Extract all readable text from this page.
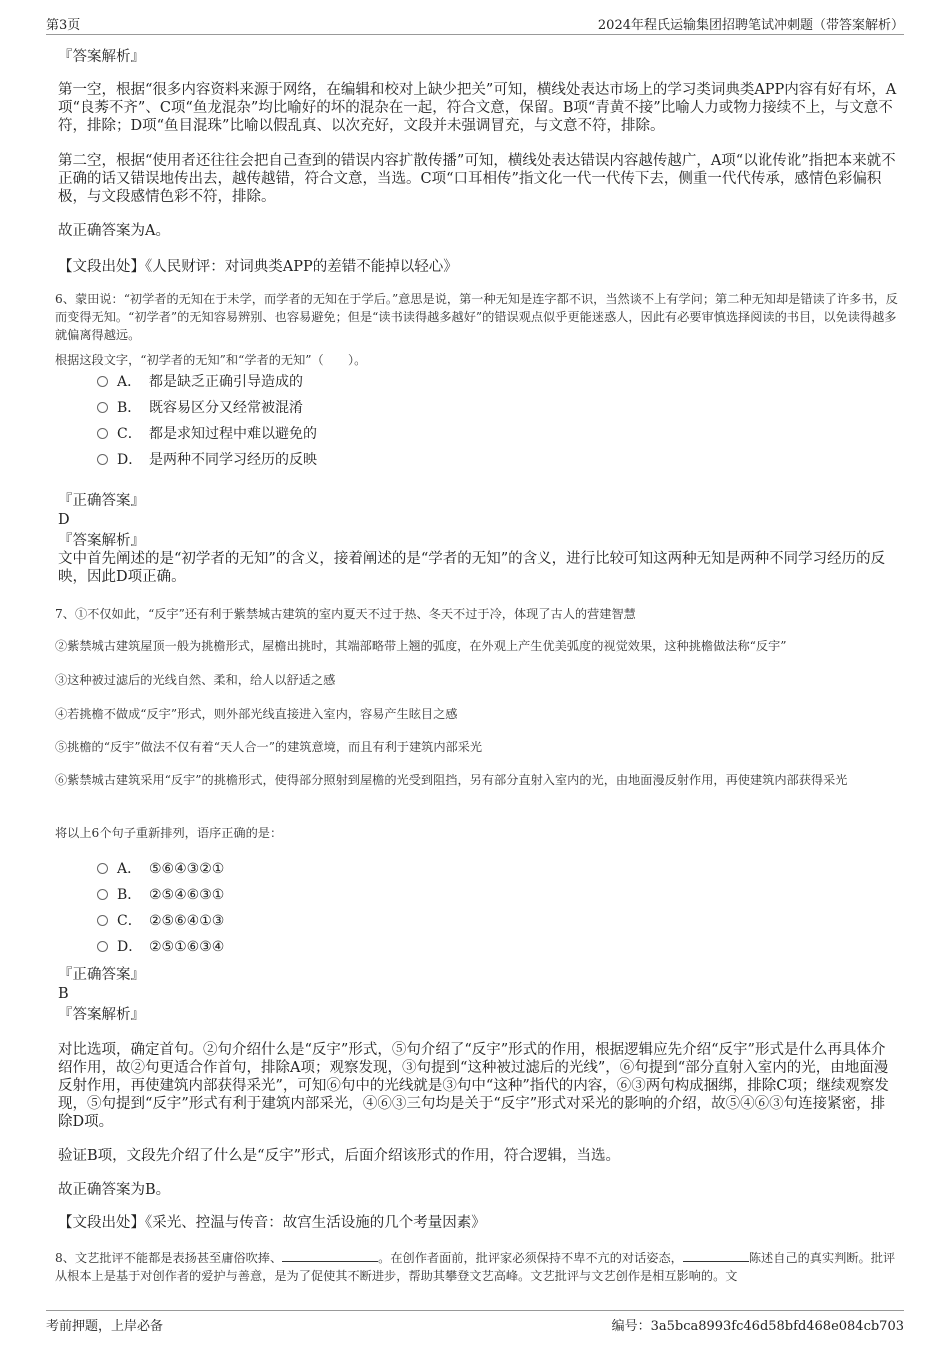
第3页	2024年程氏运输集团招聘笔试冲刺题（带答案解析）

『答案解析』

第一空，根据“很多内容资料来源于网络，在编辑和校对上缺少把关”可知，横线处表达市场上的学习类词典类APP内容有好有坏，A项“良莠不齐”、C项“鱼龙混杂”均比喻好的坏的混杂在一起，符合文意，保留。B项“青黄不接”比喻人力或物力接续不上，与文意不符，排除；D项“鱼目混珠”比喻以假乱真、以次充好，文段并未强调冒充，与文意不符，排除。

第二空，根据“使用者还往往会把自己查到的错误内容扩散传播”可知，横线处表达错误内容越传越广，A项“以讹传讹”指把本来就不正确的话又错误地传出去，越传越错，符合文意，当选。C项“口耳相传”指文化一代一代传下去，侧重一代代传承，感情色彩偏积极，与文段感情色彩不符，排除。

故正确答案为A。

【文段出处】《人民财评：对词典类APP的差错不能掉以轻心》

6、蒙田说：“初学者的无知在于未学，而学者的无知在于学后。”意思是说，第一种无知是连字都不识，当然谈不上有学问；第二种无知却是错读了许多书，反而变得无知。“初学者”的无知容易辨别、也容易避免；但是“读书读得越多越好”的错误观点似乎更能迷惑人，因此有必要审慎选择阅读的书目，以免读得越多就偏离得越远。

根据这段文字，“初学者的无知”和“学者的无知”（　　）。

A． 都是缺乏正确引导造成的
B． 既容易区分又经常被混淆
C． 都是求知过程中难以避免的
D． 是两种不同学习经历的反映

『正确答案』

D

『答案解析』

文中首先阐述的是“初学者的无知”的含义，接着阐述的是“学者的无知”的含义，进行比较可知这两种无知是两种不同学习经历的反映，因此D项正确。

7、①不仅如此，“反宇”还有利于紫禁城古建筑的室内夏天不过于热、冬天不过于冷，体现了古人的营建智慧

②紫禁城古建筑屋顶一般为挑檐形式，屋檐出挑时，其端部略带上翘的弧度，在外观上产生优美弧度的视觉效果，这种挑檐做法称“反宇”

③这种被过滤后的光线自然、柔和，给人以舒适之感

④若挑檐不做成“反宇”形式，则外部光线直接进入室内，容易产生眩目之感

⑤挑檐的“反宇”做法不仅有着“天人合一”的建筑意境，而且有利于建筑内部采光

⑥紫禁城古建筑采用“反宇”的挑檐形式，使得部分照射到屋檐的光受到阻挡，另有部分直射入室内的光，由地面漫反射作用，再使建筑内部获得采光

将以上6个句子重新排列，语序正确的是：

A． ⑤⑥④③②①
B． ②⑤④⑥③①
C． ②⑤⑥④①③
D． ②⑤①⑥③④

『正确答案』

B

『答案解析』

对比选项，确定首句。②句介绍什么是“反宇”形式，⑤句介绍了“反宇”形式的作用，根据逻辑应先介绍“反宇”形式是什么再具体介绍作用，故②句更适合作首句，排除A项；观察发现，③句提到“这种被过滤后的光线”，⑥句提到“部分直射入室内的光，由地面漫反射作用，再使建筑内部获得采光”，可知⑥句中的光线就是③句中“这种”指代的内容，⑥③两句构成捆绑，排除C项；继续观察发现，⑤句提到“反宇”形式有利于建筑内部采光，④⑥③三句均是关于“反宇”形式对采光的影响的介绍，故⑤④⑥③句连接紧密，排除D项。

验证B项，文段先介绍了什么是“反宇”形式，后面介绍该形式的作用，符合逻辑，当选。

故正确答案为B。

【文段出处】《采光、控温与传音：故宫生活设施的几个考量因素》

8、文艺批评不能都是表扬甚至庸俗吹捧、	。在创作者面前，批评家必须保持不卑不亢的对话姿态，	陈述自己的真实判断。批评从根本上是基于对创作者的爱护与善意，是为了促使其不断进步，帮助其攀登文艺高峰。文艺批评与文艺创作是相互影响的。文

考前押题，上岸必备	编号：3a5bca8993fc46d58bfd468e084cb703
